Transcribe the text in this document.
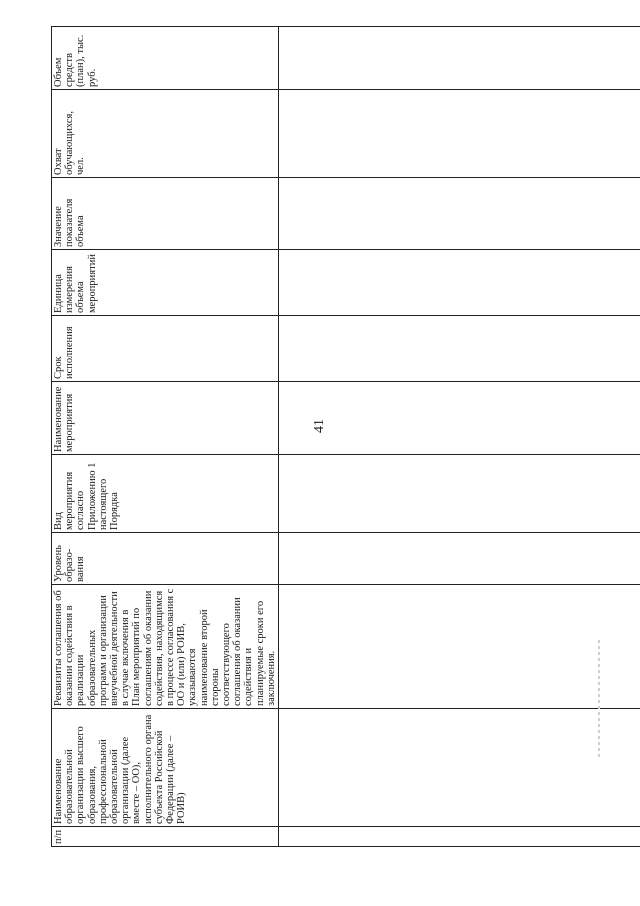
41
п/п	Наименование образовательной организации высшего образования, профессиональной образовательной организации (далее вместе – ОО), исполнительного органа субъекта Российской Федерации (далее – РОИВ)	Реквизиты соглашения об оказании содействия в реализации образовательных программ и организации внеучебной деятельности в случае включения в План мероприятий по соглашениям об оказании содействия, находящимся в процессе согласования с ОО и (или) РОИВ, указываются наименование второй стороны соответствующего соглашения об оказании содействия и планируемые сроки его заключения.	Уровень образо-вания	Вид мероприятия согласно Приложению 1 настоящего Порядка	Наименование мероприятия	Срок исполнения	Единица измерения объема мероприятий	Значение показателя объема	Охват обучающихся, чел.	Объем средств (план), тыс. руб.
